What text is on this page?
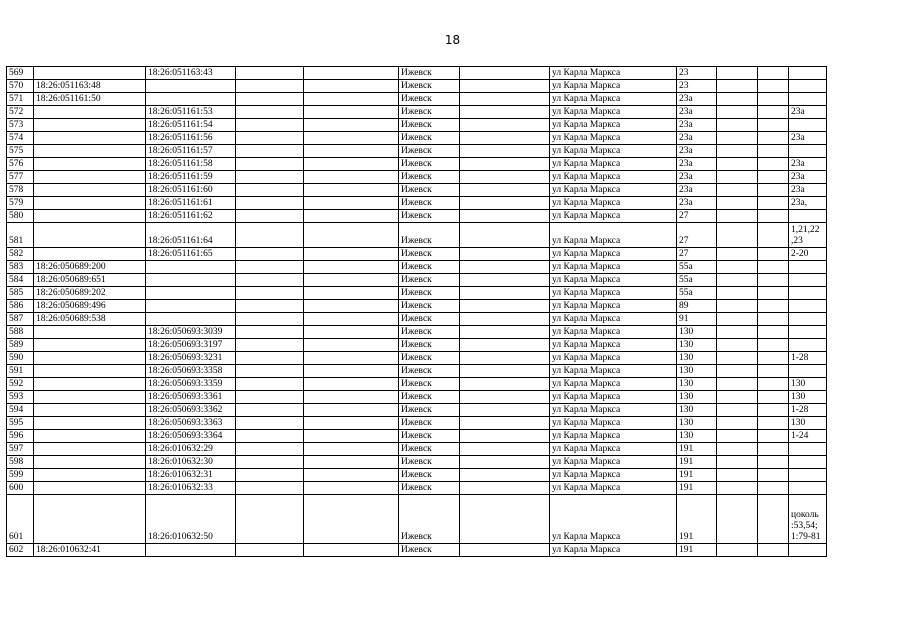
18
569		18:26:051163:43			Ижевск		ул Карла Маркса	23			
570	18:26:051163:48				Ижевск		ул Карла Маркса	23			
571	18:26:051161:50				Ижевск		ул Карла Маркса	23а			
572		18:26:051161:53			Ижевск		ул Карла Маркса	23а			23а
573		18:26:051161:54			Ижевск		ул Карла Маркса	23а			
574		18:26:051161:56			Ижевск		ул Карла Маркса	23а			23а
575		18:26:051161:57			Ижевск		ул Карла Маркса	23а			
576		18:26:051161:58			Ижевск		ул Карла Маркса	23а			23а
577		18:26:051161:59			Ижевск		ул Карла Маркса	23а			23а
578		18:26:051161:60			Ижевск		ул Карла Маркса	23а			23а
579		18:26:051161:61			Ижевск		ул Карла Маркса	23а			23а,
580		18:26:051161:62			Ижевск		ул Карла Маркса	27			
581		18:26:051161:64			Ижевск		ул Карла Маркса	27			1,21,22
,23
582		18:26:051161:65			Ижевск		ул Карла Маркса	27			2-20
583	18:26:050689:200				Ижевск		ул Карла Маркса	55а			
584	18:26:050689:651				Ижевск		ул Карла Маркса	55а			
585	18:26:050689:202				Ижевск		ул Карла Маркса	55а			
586	18:26:050689:496				Ижевск		ул Карла Маркса	89			
587	18:26:050689:538				Ижевск		ул Карла Маркса	91			
588		18:26:050693:3039			Ижевск		ул Карла Маркса	130			
589		18:26:050693:3197			Ижевск		ул Карла Маркса	130			
590		18:26:050693:3231			Ижевск		ул Карла Маркса	130			1-28
591		18:26:050693:3358			Ижевск		ул Карла Маркса	130			
592		18:26:050693:3359			Ижевск		ул Карла Маркса	130			130
593		18:26:050693:3361			Ижевск		ул Карла Маркса	130			130
594		18:26:050693:3362			Ижевск		ул Карла Маркса	130			1-28
595		18:26:050693:3363			Ижевск		ул Карла Маркса	130			130
596		18:26:050693:3364			Ижевск		ул Карла Маркса	130			1-24
597		18:26:010632:29			Ижевск		ул Карла Маркса	191			
598		18:26:010632:30			Ижевск		ул Карла Маркса	191			
599		18:26:010632:31			Ижевск		ул Карла Маркса	191			
600		18:26:010632:33			Ижевск		ул Карла Маркса	191			
601		18:26:010632:50			Ижевск		ул Карла Маркса	191			цоколь
:53,54;
1:79-81
602	18:26:010632:41				Ижевск		ул Карла Маркса	191			
